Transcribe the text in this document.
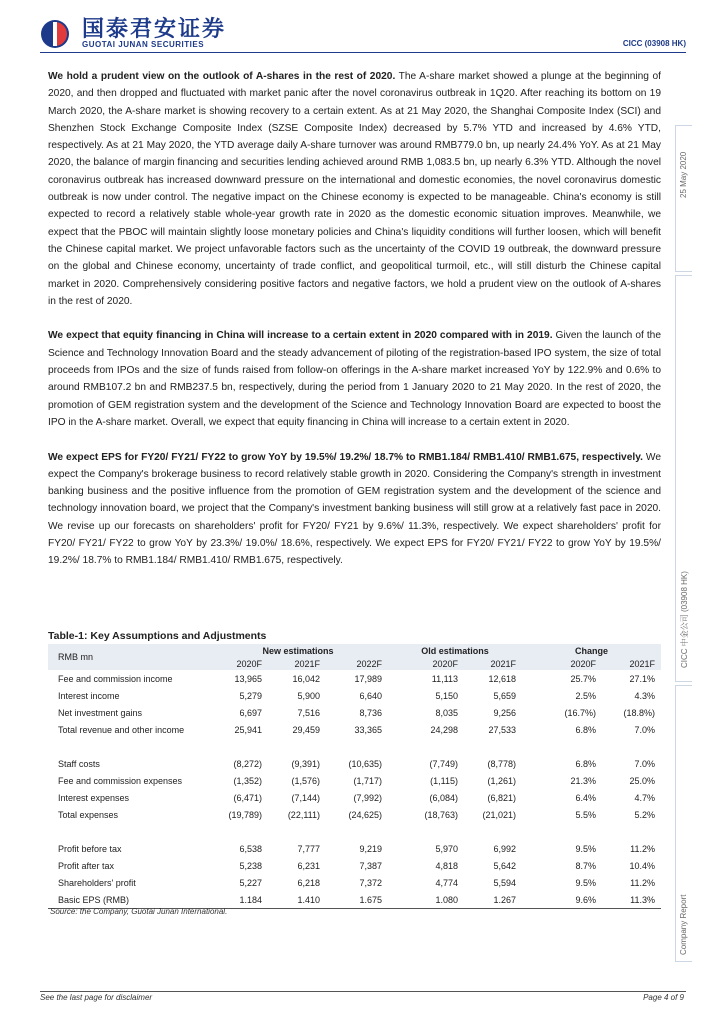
国泰君安证券
GUOTAI JUNAN SECURITIES	CICC (03908 HK)
25 May 2020
CICC 中金公司 (03908 HK)
Company Report

We hold a prudent view on the outlook of A-shares in the rest of 2020. The A-share market showed a plunge at the beginning of 2020, and then dropped and fluctuated with market panic after the novel coronavirus outbreak in 1Q20. After reaching its bottom on 19 March 2020, the A-share market is showing recovery to a certain extent. As at 21 May 2020, the Shanghai Composite Index (SCI) and Shenzhen Stock Exchange Composite Index (SZSE Composite Index) decreased by 5.7% YTD and increased by 4.6% YTD, respectively. As at 21 May 2020, the YTD average daily A-share turnover was around RMB779.0 bn, up nearly 24.4% YoY. As at 21 May 2020, the balance of margin financing and securities lending achieved around RMB 1,083.5 bn, up nearly 6.3% YTD. Although the novel coronavirus outbreak has increased downward pressure on the international and domestic economies, the novel coronavirus domestic outbreak is now under control. The negative impact on the Chinese economy is expected to be manageable. China's economy is still expected to record a relatively stable whole-year growth rate in 2020 as the domestic economic situation improves. Meanwhile, we expect that the PBOC will maintain slightly loose monetary policies and China's liquidity conditions will further loosen, which will benefit the Chinese capital market. We project unfavorable factors such as the uncertainty of the COVID 19 outbreak, the downward pressure on the global and Chinese economy, uncertainty of trade conflict, and geopolitical turmoil, etc., will still disturb the Chinese capital market in 2020. Comprehensively considering positive factors and negative factors, we hold a prudent view on the outlook of A-shares in the rest of 2020.

We expect that equity financing in China will increase to a certain extent in 2020 compared with in 2019. Given the launch of the Science and Technology Innovation Board and the steady advancement of piloting of the registration-based IPO system, the size of total proceeds from IPOs and the size of funds raised from follow-on offerings in the A-share market increased YoY by 122.9% and 0.6% to around RMB107.2 bn and RMB237.5 bn, respectively, during the period from 1 January 2020 to 21 May 2020. In the rest of 2020, the promotion of GEM registration system and the development of the Science and Technology Innovation Board are expected to boost the IPO in the A-share market. Overall, we expect that equity financing in China will increase to a certain extent in 2020.

We expect EPS for FY20/ FY21/ FY22 to grow YoY by 19.5%/ 19.2%/ 18.7% to RMB1.184/ RMB1.410/ RMB1.675, respectively. We expect the Company's brokerage business to record relatively stable growth in 2020. Considering the Company's strength in investment banking business and the positive influence from the promotion of GEM registration system and the development of the science and technology innovation board, we project that the Company's investment banking business will still grow at a relatively fast pace in 2020. We revise up our forecasts on shareholders' profit for FY20/ FY21 by 9.6%/ 11.3%, respectively. We expect shareholders' profit for FY20/ FY21/ FY22 to grow YoY by 23.3%/ 19.0%/ 18.6%, respectively. We expect EPS for FY20/ FY21/ FY22 to grow YoY by 19.5%/ 19.2%/ 18.7% to RMB1.184/ RMB1.410/ RMB1.675, respectively.

Table-1: Key Assumptions and Adjustments
RMB mn	New estimations			Old estimations		Change	
	2020F	2021F	2022F	2020F	2021F	2020F	2021F
Fee and commission income	13,965	16,042	17,989	11,113	12,618	25.7%	27.1%
Interest income	5,279	5,900	6,640	5,150	5,659	2.5%	4.3%
Net investment gains	6,697	7,516	8,736	8,035	9,256	(16.7%)	(18.8%)
Total revenue and other income	25,941	29,459	33,365	24,298	27,533	6.8%	7.0%

Staff costs	(8,272)	(9,391)	(10,635)	(7,749)	(8,778)	6.8%	7.0%
Fee and commission expenses	(1,352)	(1,576)	(1,717)	(1,115)	(1,261)	21.3%	25.0%
Interest expenses	(6,471)	(7,144)	(7,992)	(6,084)	(6,821)	6.4%	4.7%
Total expenses	(19,789)	(22,111)	(24,625)	(18,763)	(21,021)	5.5%	5.2%

Profit before tax	6,538	7,777	9,219	5,970	6,992	9.5%	11.2%
Profit after tax	5,238	6,231	7,387	4,818	5,642	8.7%	10.4%
Shareholders' profit	5,227	6,218	7,372	4,774	5,594	9.5%	11.2%
Basic EPS (RMB)	1.184	1.410	1.675	1.080	1.267	9.6%	11.3%
Source: the Company, Guotai Junan International.
See the last page for disclaimer	Page 4 of 9
